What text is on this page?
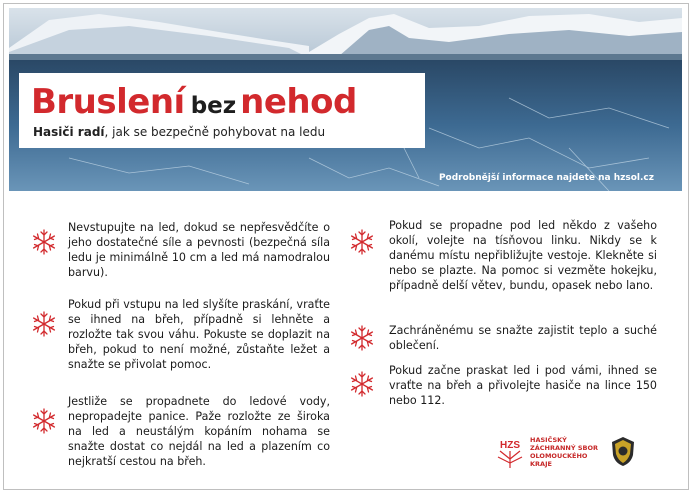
Bruslení bez nehod
Hasiči radí, jak se bezpečně pohybovat na ledu
Podrobnější informace najdete na hzsol.cz
Nevstupujte na led, dokud se nepřesvědčíte o jeho dostatečné síle a pevnosti (bezpečná síla ledu je minimálně 10 cm a led má namodralou barvu).
Pokud při vstupu na led slyšíte praskání, vraťte se ihned na břeh, případně si lehněte a rozložte tak svou váhu. Pokuste se doplazit na břeh, pokud to není možné, zůstaňte ležet a snažte se přivolat pomoc.
Jestliže se propadnete do ledové vody, nepropadejte panice. Paže rozložte ze široka na led a neustálým kopáním nohama se snažte dostat co nejdál na led a plazením co nejkratší cestou na břeh.
Pokud se propadne pod led někdo z vašeho okolí, volejte na tísňovou linku. Nikdy se k danému místu nepřibližujte vestoje. Klekněte si nebo se plazte. Na pomoc si vezměte hokejku, případně delší větev, bundu, opasek nebo lano.
Zachráněnému se snažte zajistit teplo a suché oblečení.
Pokud začne praskat led i pod vámi, ihned se vraťte na břeh a přivolejte hasiče na lince 150 nebo 112.
HZS HASIČSKÝ
ZÁCHRANNÝ SBOR
OLOMOUCKÉHO
KRAJE
